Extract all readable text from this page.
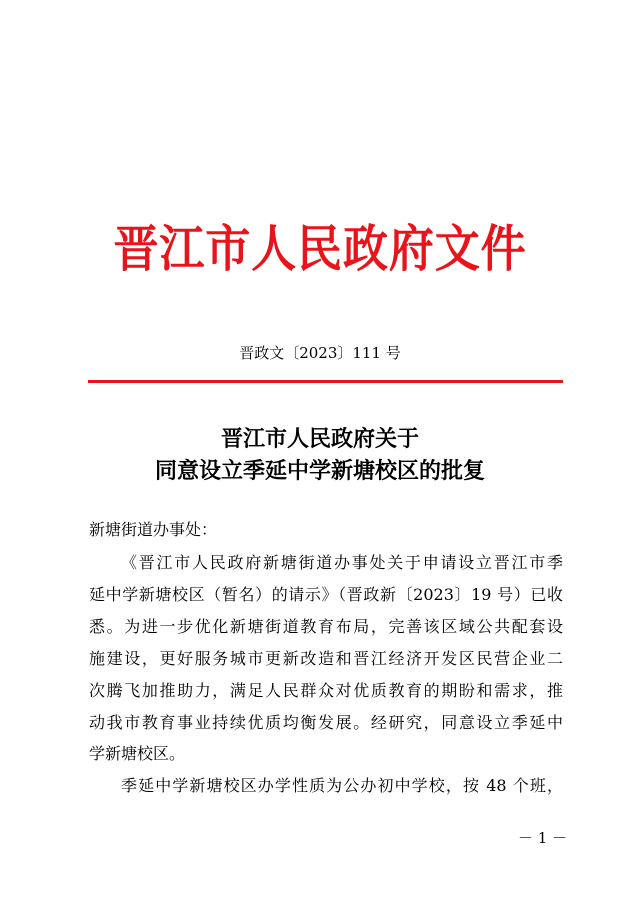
晋江市人民政府文件
晋政文〔2023〕111 号
晋江市人民政府关于
同意设立季延中学新塘校区的批复
新塘街道办事处：
《晋江市人民政府新塘街道办事处关于申请设立晋江市季
延中学新塘校区（暂名）的请示》（晋政新〔2023〕19 号）已收
悉。为进一步优化新塘街道教育布局，完善该区域公共配套设
施建设，更好服务城市更新改造和晋江经济开发区民营企业二
次腾飞加推助力，满足人民群众对优质教育的期盼和需求，推
动我市教育事业持续优质均衡发展。经研究，同意设立季延中
学新塘校区。
季延中学新塘校区办学性质为公办初中学校，按 48 个班，
－ 1 －
